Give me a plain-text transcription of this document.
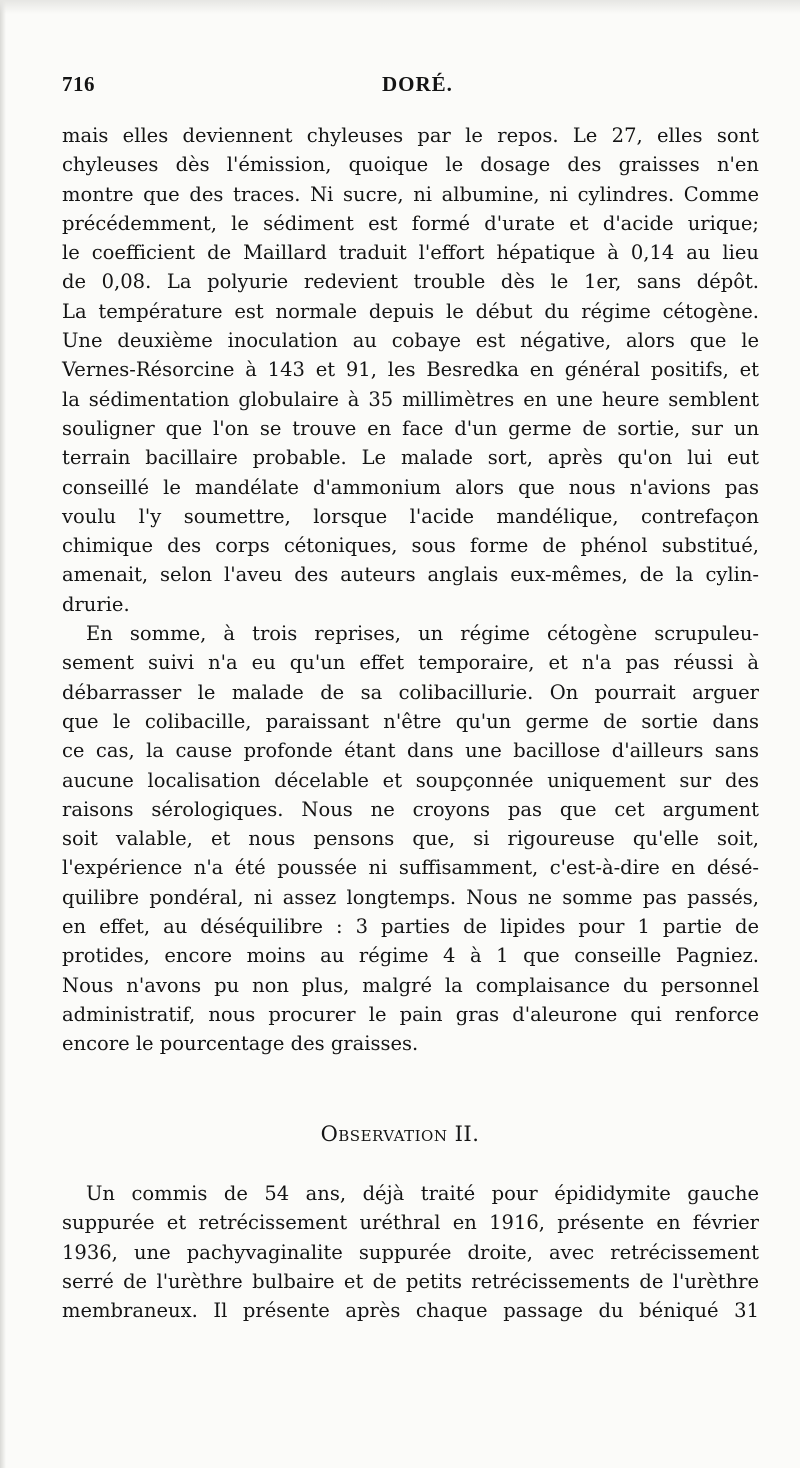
716	DORÉ.
mais elles deviennent chyleuses par le repos. Le 27, elles sont
chyleuses dès l'émission, quoique le dosage des graisses n'en
montre que des traces. Ni sucre, ni albumine, ni cylindres. Comme
précédemment, le sédiment est formé d'urate et d'acide urique;
le coefficient de Maillard traduit l'effort hépatique à 0,14 au lieu
de 0,08. La polyurie redevient trouble dès le 1er, sans dépôt.
La température est normale depuis le début du régime cétogène.
Une deuxième inoculation au cobaye est négative, alors que le
Vernes-Résorcine à 143 et 91, les Besredka en général positifs, et
la sédimentation globulaire à 35 millimètres en une heure semblent
souligner que l'on se trouve en face d'un germe de sortie, sur un
terrain bacillaire probable. Le malade sort, après qu'on lui eut
conseillé le mandélate d'ammonium alors que nous n'avions pas
voulu l'y soumettre, lorsque l'acide mandélique, contrefaçon
chimique des corps cétoniques, sous forme de phénol substitué,
amenait, selon l'aveu des auteurs anglais eux-mêmes, de la cylin-
drurie.
En somme, à trois reprises, un régime cétogène scrupuleu-
sement suivi n'a eu qu'un effet temporaire, et n'a pas réussi à
débarrasser le malade de sa colibacillurie. On pourrait arguer
que le colibacille, paraissant n'être qu'un germe de sortie dans
ce cas, la cause profonde étant dans une bacillose d'ailleurs sans
aucune localisation décelable et soupçonnée uniquement sur des
raisons sérologiques. Nous ne croyons pas que cet argument
soit valable, et nous pensons que, si rigoureuse qu'elle soit,
l'expérience n'a été poussée ni suffisamment, c'est-à-dire en désé-
quilibre pondéral, ni assez longtemps. Nous ne somme pas passés,
en effet, au déséquilibre : 3 parties de lipides pour 1 partie de
protides, encore moins au régime 4 à 1 que conseille Pagniez.
Nous n'avons pu non plus, malgré la complaisance du personnel
administratif, nous procurer le pain gras d'aleurone qui renforce
encore le pourcentage des graisses.
Observation II.
Un commis de 54 ans, déjà traité pour épididymite gauche
suppurée et retrécissement uréthral en 1916, présente en février
1936, une pachyvaginalite suppurée droite, avec retrécissement
serré de l'urèthre bulbaire et de petits retrécissements de l'urèthre
membraneux. Il présente après chaque passage du béniqué 31
